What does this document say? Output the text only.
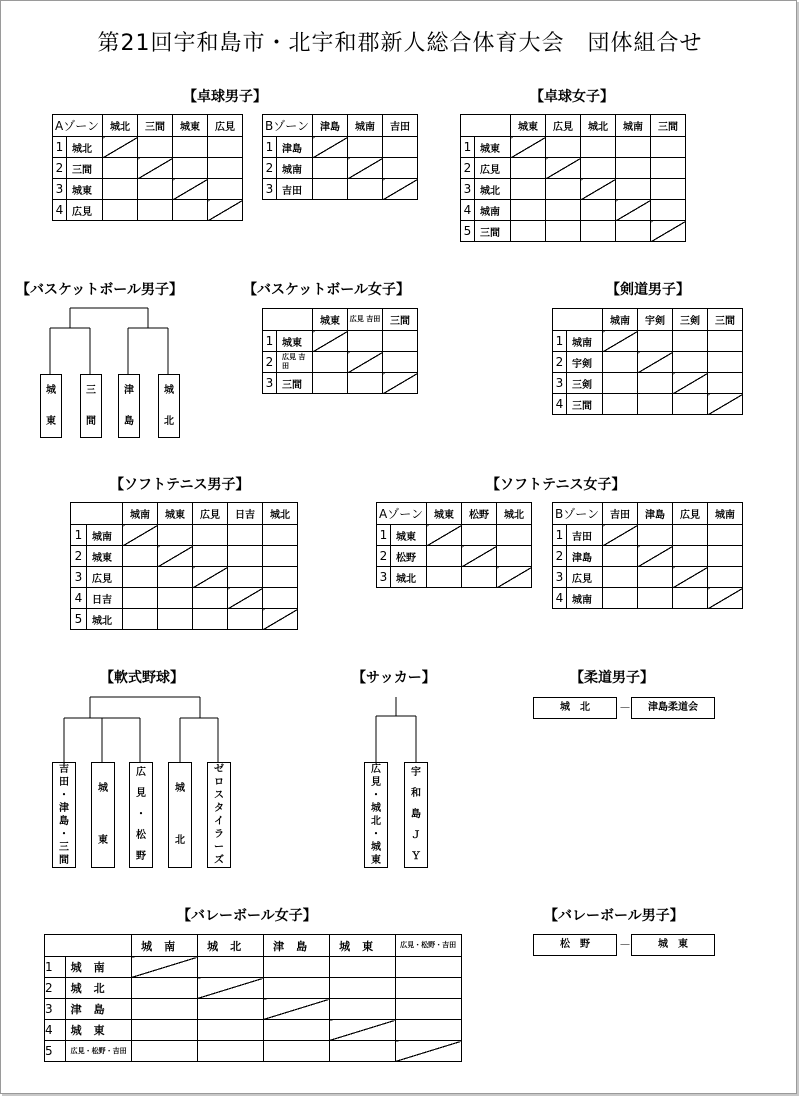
第21回宇和島市・北宇和郡新人総合体育大会　団体組合せ
【卓球男子】
Aゾーン		城北	三間	城東	広見
1	城北				
2	三間				
3	城東				
4	広見				
Bゾーン		津島	城南	吉田
1	津島			
2	城南			
3	吉田			
【卓球女子】
		城東	広見	城北	城南	三間
1	城東					
2	広見					
3	城北					
4	城南					
5	三間					
【バスケットボール男子】
城
東
三
間
津
島
城
北
【バスケットボール女子】
		城東	広見 吉田	三間
1	城東			
2	広見 吉田			
3	三間			
【剣道男子】
		城南	宇剣	三剣	三間
1	城南				
2	宇剣				
3	三剣				
4	三間				
【ソフトテニス男子】
		城南	城東	広見	日吉	城北
1	城南					
2	城東					
3	広見					
4	日吉					
5	城北					
【ソフトテニス女子】
Aゾーン		城東	松野	城北
1	城東			
2	松野			
3	城北			
Bゾーン		吉田	津島	広見	城南
1	吉田				
2	津島				
3	広見				
4	城南				
【軟式野球】
吉
田
・
津
島
・
三
間
城
東
広
見
・
松
野
城
北
ゼ
ロ
ス
タ
イ
ラ
ー
ズ
【サッカー】
広
見
・
城
北
・
城
東
宇
和
島
Ｊ
Ｙ
【柔道男子】
城　北	－	津島柔道会
【バレーボール女子】
		城南	城北	津島	城東	広見・松野・吉田
1	城南					
2	城北					
3	津島					
4	城東					
5	広見・松野・吉田					
【バレーボール男子】
松　野	－	城　東
